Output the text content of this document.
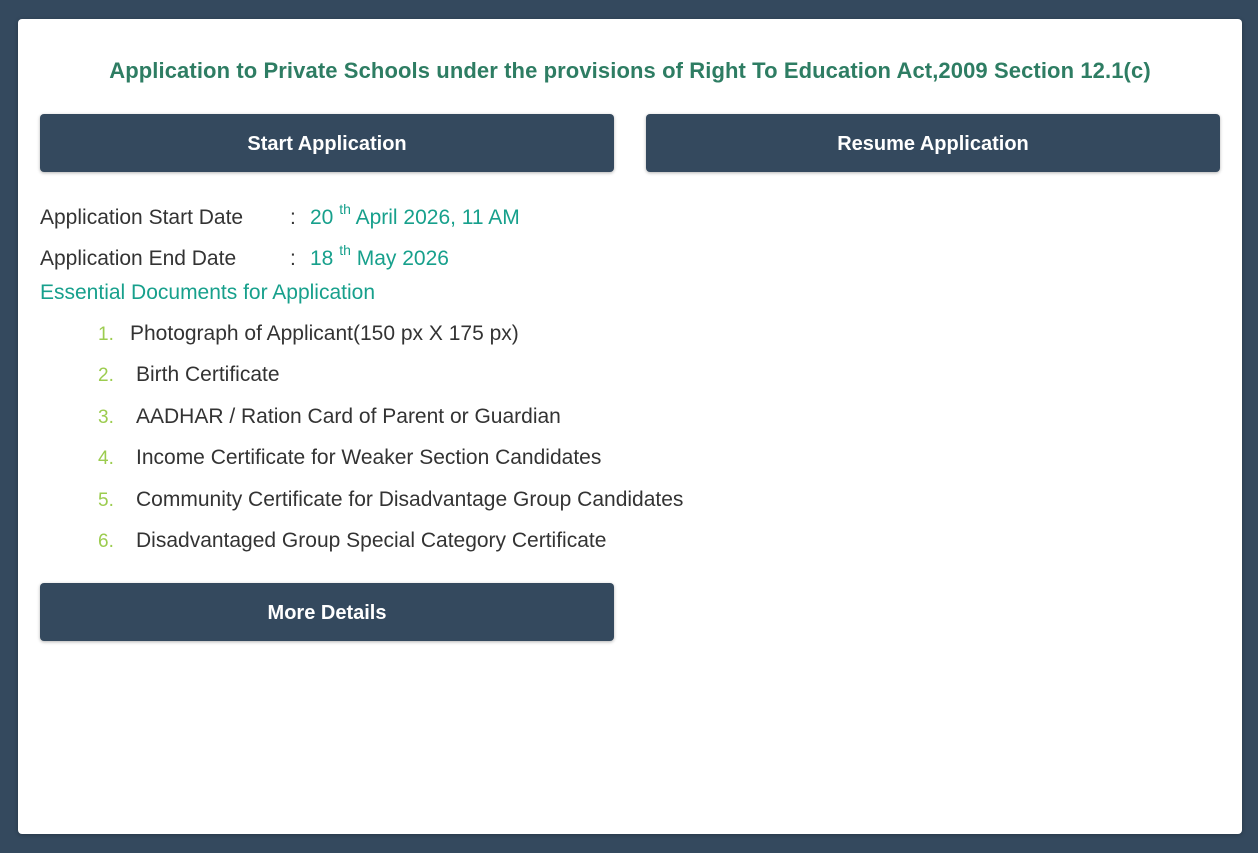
Application to Private Schools under the provisions of Right To Education Act,2009 Section 12.1(c)
Start Application	Resume Application
Application Start Date : 20 $^{th}$ April 2026, 11 AM
Application End Date	: 18 $^{th}$ May 2026
Essential Documents for Application
1. Photograph of Applicant(150 px X 175 px)
2. Birth Certificate
3. AADHAR / Ration Card of Parent or Guardian
4. Income Certificate for Weaker Section Candidates
5. Community Certificate for Disadvantage Group Candidates
6. Disadvantaged Group Special Category Certificate
More Details
